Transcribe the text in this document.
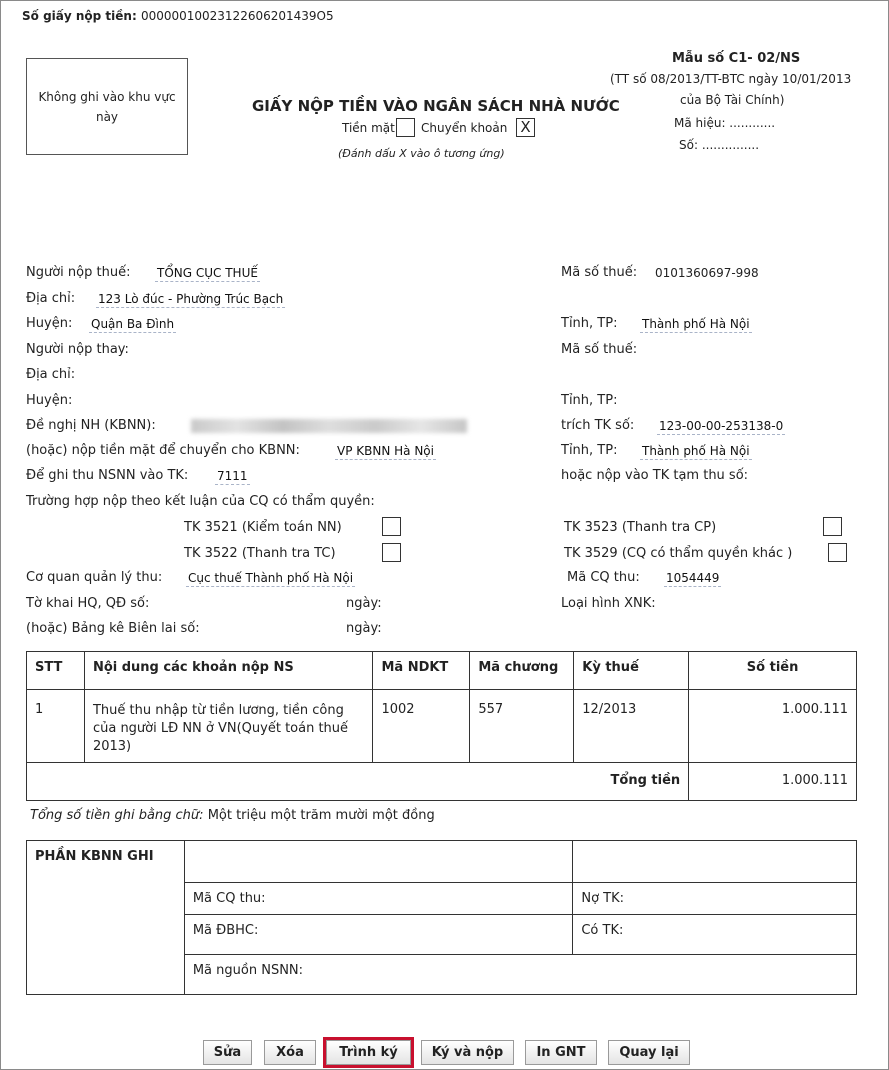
Số giấy nộp tiền: 00000010023122606201439O5
Không ghi vào khu vực này
GIẤY NỘP TIỀN VÀO NGÂN SÁCH NHÀ NƯỚC
Tiền mặt Chuyển khoản X
(Đánh dấu X vào ô tương ứng)
Mẫu số C1- 02/NS
(TT số 08/2013/TT-BTC ngày 10/01/2013
của Bộ Tài Chính)
Mã hiệu: ............
Số: ...............
Người nộp thuế: TỔNG CỤC THUẾ	Mã số thuế: 0101360697-998
Địa chỉ: 123 Lò đúc - Phường Trúc Bạch
Huyện: Quận Ba Đình	Tỉnh, TP: Thành phố Hà Nội
Người nộp thay:	Mã số thuế:
Địa chỉ:
Huyện:	Tỉnh, TP:
Đề nghị NH (KBNN):	trích TK số: 123-00-00-253138-0
(hoặc) nộp tiền mặt để chuyển cho KBNN:	VP KBNN Hà Nội	Tỉnh, TP: Thành phố Hà Nội
Để ghi thu NSNN vào TK: 7111	hoặc nộp vào TK tạm thu số:
Trường hợp nộp theo kết luận của CQ có thẩm quyền:
TK 3521 (Kiểm toán NN)	TK 3523 (Thanh tra CP)
TK 3522 (Thanh tra TC)	TK 3529 (CQ có thẩm quyền khác )
Cơ quan quản lý thu: Cục thuế Thành phố Hà Nội	Mã CQ thu: 1054449
Tờ khai HQ, QĐ số:	ngày:	Loại hình XNK:
(hoặc) Bảng kê Biên lai số:	ngày:
STT	Nội dung các khoản nộp NS	Mã NDKT	Mã chương	Kỳ thuế	Số tiền
1	Thuế thu nhập từ tiền lương, tiền công của người LĐ NN ở VN(Quyết toán thuế 2013)	1002	557	12/2013	1.000.111
Tổng tiền					1.000.111
Tổng số tiền ghi bằng chữ: Một triệu một trăm mười một đồng
PHẦN KBNN GHI		
	Mã CQ thu:	Nợ TK:
	Mã ĐBHC:	Có TK:
	Mã nguồn NSNN:	
Sửa	Xóa	Trình ký	Ký và nộp	In GNT	Quay lại
